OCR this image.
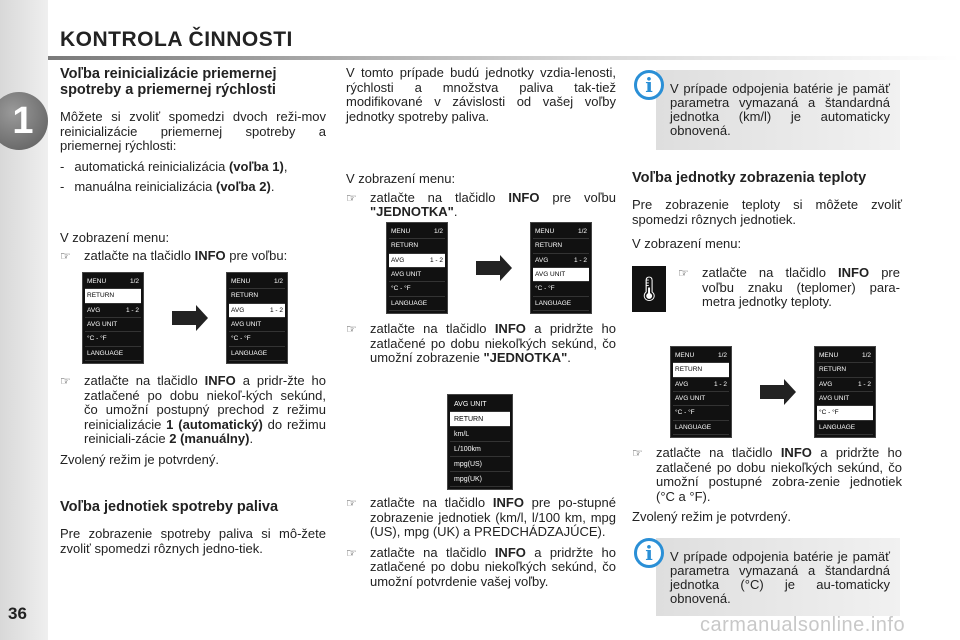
1
36
KONTROLA ČINNOSTI
Voľba reinicializácie priemernej spotreby a priemernej rýchlosti
Môžete si zvoliť spomedzi dvoch reži-mov reinicializácie priemernej spotreby a priemernej rýchlosti:
- automatická reinicializácia (voľba 1),
- manuálna reinicializácia (voľba 2).
V zobrazení menu:
☞	zatlačte na tlačidlo INFO pre voľbu:
MENU	1/2
RETURN
AVG	1 - 2
AVG UNIT
°C - °F
LANGUAGE
MENU	1/2
RETURN
AVG	1 - 2
AVG UNIT
°C - °F
LANGUAGE
☞	zatlačte na tlačidlo INFO a pridr-žte ho zatlačené po dobu niekoľ-kých sekúnd, čo umožní postupný prechod z režimu reinicializácie 1 (automatický) do režimu reiniciali-zácie 2 (manuálny).
Zvolený režim je potvrdený.
Voľba jednotiek spotreby paliva
Pre zobrazenie spotreby paliva si mô-žete zvoliť spomedzi rôznych jedno-tiek.
V tomto prípade budú jednotky vzdia-lenosti, rýchlosti a množstva paliva tak-tiež modifikované v závislosti od vašej voľby jednotky spotreby paliva.
V zobrazení menu:
☞	zatlačte na tlačidlo INFO pre voľbu "JEDNOTKA".
MENU	1/2
RETURN
AVG	1 - 2
AVG UNIT
°C - °F
LANGUAGE
MENU	1/2
RETURN
AVG	1 - 2
AVG UNIT
°C - °F
LANGUAGE
☞	zatlačte na tlačidlo INFO a pridržte ho zatlačené po dobu niekoľkých sekúnd, čo umožní zobrazenie "JEDNOTKA".
AVG UNIT
RETURN
km/L
L/100km
mpg(US)
mpg(UK)
☞	zatlačte na tlačidlo INFO pre po-stupné zobrazenie jednotiek (km/l, l/100 km, mpg (US), mpg (UK) a PREDCHÁDZAJÚCE).
☞	zatlačte na tlačidlo INFO a pridržte ho zatlačené po dobu niekoľkých sekúnd, čo umožní potvrdenie vašej voľby.
V prípade odpojenia batérie je pamäť parametra vymazaná a štandardná jednotka (km/l) je automaticky obnovená.
i
Voľba jednotky zobrazenia teploty
Pre zobrazenie teploty si môžete zvoliť spomedzi rôznych jednotiek.
V zobrazení menu:
🌡
☞	zatlačte na tlačidlo INFO pre voľbu znaku (teplomer) para-metra jednotky teploty.
MENU	1/2
RETURN
AVG	1 - 2
AVG UNIT
°C - °F
LANGUAGE
MENU	1/2
RETURN
AVG	1 - 2
AVG UNIT
°C - °F
LANGUAGE
☞	zatlačte na tlačidlo INFO a pridržte ho zatlačené po dobu niekoľkých sekúnd, čo umožní postupné zobra-zenie jednotiek (°C a °F).
Zvolený režim je potvrdený.
V prípade odpojenia batérie je pamäť parametra vymazaná a štandardná jednotka (°C) je au-tomaticky obnovená.
i
carmanualsonline.info
